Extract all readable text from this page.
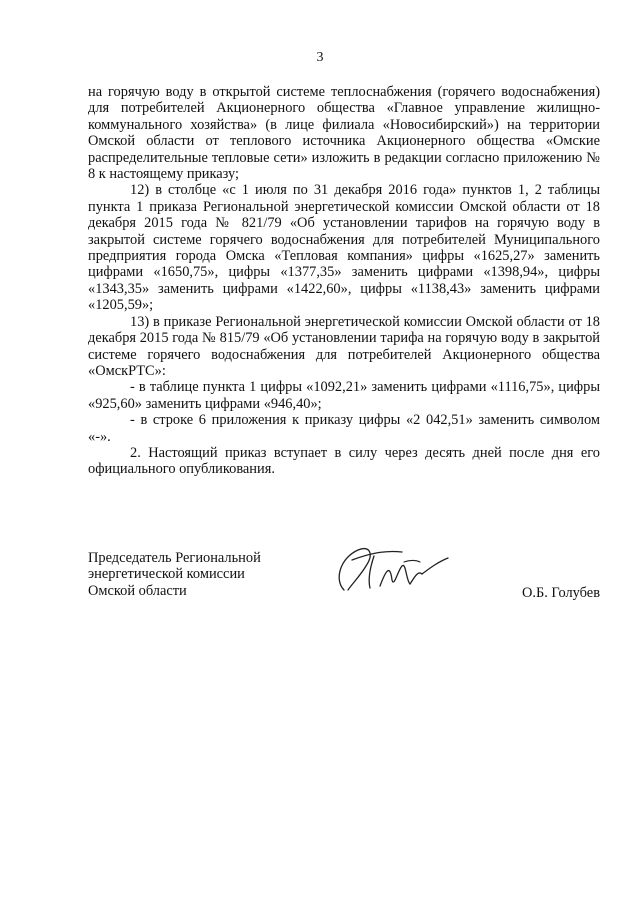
3

на горячую воду в открытой системе теплоснабжения (горячего водоснабжения) для потребителей Акционерного общества «Главное управление жилищно-коммунального хозяйства» (в лице филиала «Новосибирский») на территории Омской области от теплового источника Акционерного общества «Омские распределительные тепловые сети» изложить в редакции согласно приложению № 8 к настоящему приказу;

12) в столбце «с 1 июля по 31 декабря 2016 года» пунктов 1, 2 таблицы пункта 1 приказа Региональной энергетической комиссии Омской области от 18 декабря 2015 года № 821/79 «Об установлении тарифов на горячую воду в закрытой системе горячего водоснабжения для потребителей Муниципального предприятия города Омска «Тепловая компания» цифры «1625,27» заменить цифрами «1650,75», цифры «1377,35» заменить цифрами «1398,94», цифры «1343,35» заменить цифрами «1422,60», цифры «1138,43» заменить цифрами «1205,59»;

13) в приказе Региональной энергетической комиссии Омской области от 18 декабря 2015 года № 815/79 «Об установлении тарифа на горячую воду в закрытой системе горячего водоснабжения для потребителей Акционерного общества «ОмскРТС»:

- в таблице пункта 1 цифры «1092,21» заменить цифрами «1116,75», цифры «925,60» заменить цифрами «946,40»;

- в строке 6 приложения к приказу цифры «2 042,51» заменить символом «-».

2. Настоящий приказ вступает в силу через десять дней после дня его официального опубликования.

Председатель Региональной
энергетической комиссии
Омской области	О.Б. Голубев
